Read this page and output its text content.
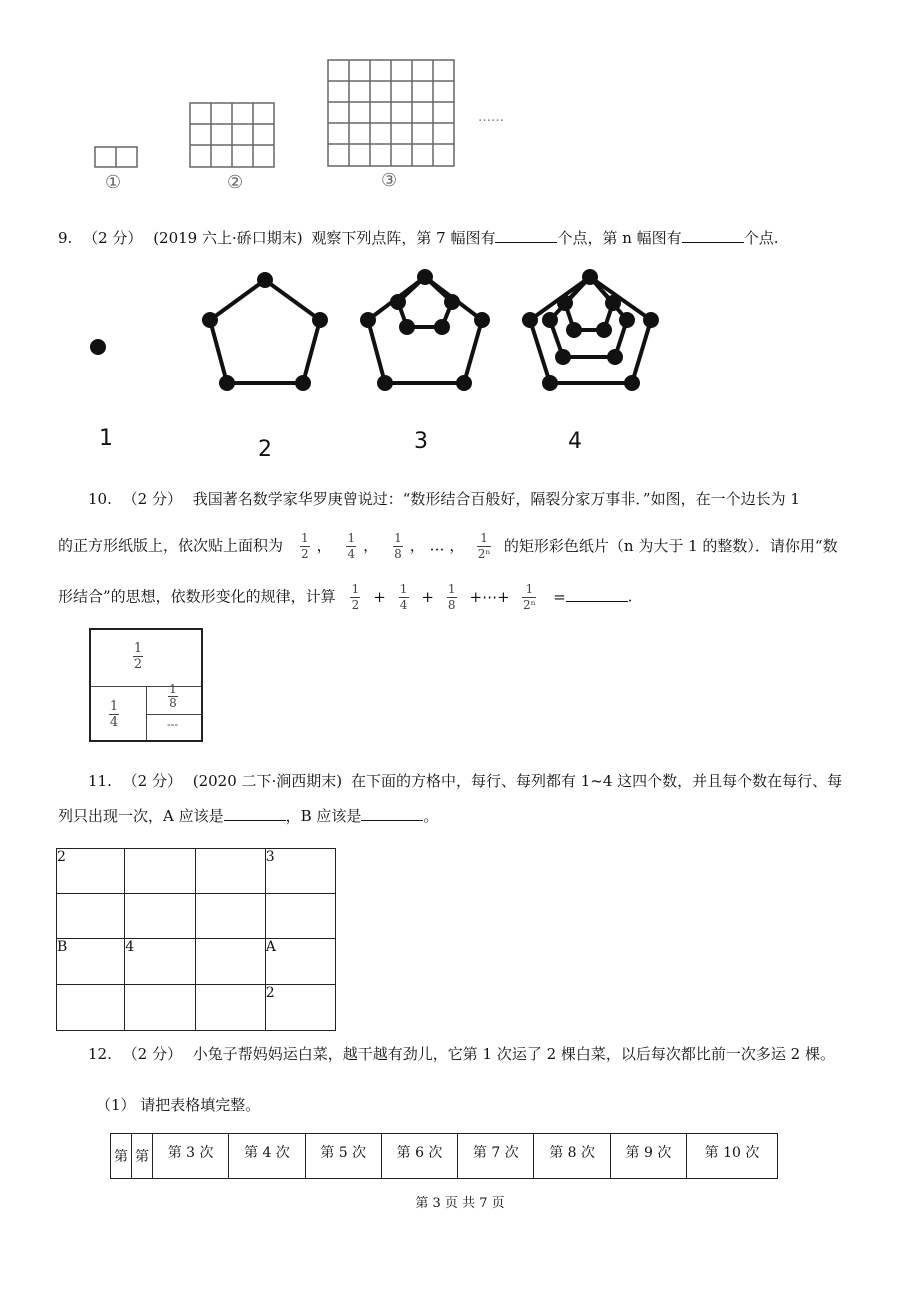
①	②	③
……
9. （2 分） (2019 六上·硚口期末) 观察下列点阵，第 7 幅图有	个点，第 n 幅图有	个点.
1	2	3	4
10. （2 分） 我国著名数学家华罗庚曾说过：“数形结合百般好，隔裂分家万事非．”如图，在一个边长为 1
的正方形纸版上，依次贴上面积为 $\frac{1}{2}$ ， $\frac{1}{4}$ ， $\frac{1}{8}$ ， … ， $\frac{1}{\text{2ⁿ}}$ 的矩形彩色纸片（n 为大于 1 的整数）．请你用“数
形结合”的思想，依数形变化的规律，计算 $\frac{1}{2} + \frac{1}{4} + \frac{1}{8}$ +⋯+ $\frac{1}{\text{2ⁿ}}$ =	.
1
2
1
4
1
8
---
11. （2 分） (2020 二下·涧西期末) 在下面的方格中，每行、每列都有 1~4 这四个数，并且每个数在每行、每
列只出现一次，A 应该是	，B 应该是	。
2			3

B	4		A
			2
12. （2 分） 小兔子帮妈妈运白菜，越干越有劲儿，它第 1 次运了 2 棵白菜，以后每次都比前一次多运 2 棵。
（1） 请把表格填完整。
第	第	第 3 次	第 4 次	第 5 次	第 6 次	第 7 次	第 8 次	第 9 次	第 10 次
第 3 页 共 7 页
